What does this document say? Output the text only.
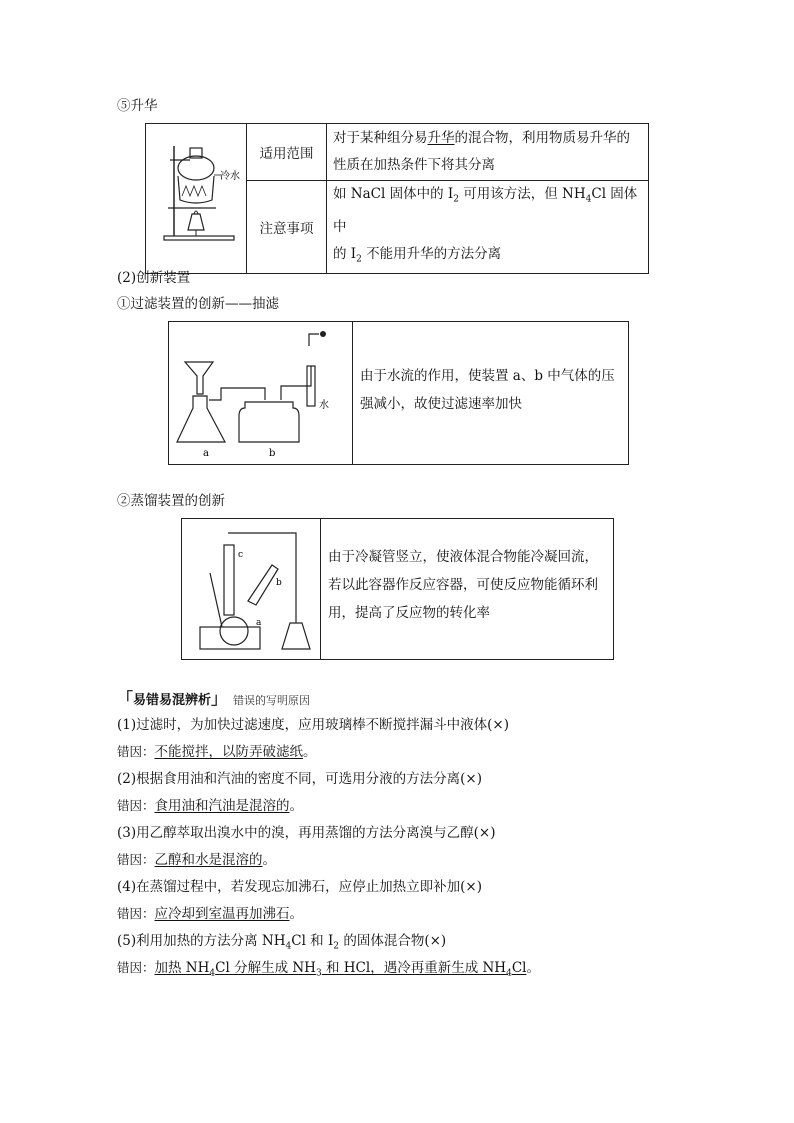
⑤升华
冷水	适用范围	对于某种组分易升华的混合物，利用物质易升华的
性质在加热条件下将其分离

	注意事项	如 NaCl 固体中的 $I_2$ 可用该方法，但 $NH_4Cl$ 固体中
的 $I_2$ 不能用升华的方法分离
(2)创新装置
①过滤装置的创新——抽滤
a	b
水
由于水流的作用，使装置 a、b 中气体的压
强减小，故使过滤速率加快
②蒸馏装置的创新
c
b
a
由于冷凝管竖立，使液体混合物能冷凝回流，
若以此容器作反应容器，可使反应物能循环利
用，提高了反应物的转化率
「易错易混辨析」 错误的写明原因
(1)过滤时，为加快过滤速度，应用玻璃棒不断搅拌漏斗中液体(×)
错因：不能搅拌，以防弄破滤纸。
(2)根据食用油和汽油的密度不同，可选用分液的方法分离(×)
错因：食用油和汽油是混溶的。
(3)用乙醇萃取出溴水中的溴，再用蒸馏的方法分离溴与乙醇(×)
错因：乙醇和水是混溶的。
(4)在蒸馏过程中，若发现忘加沸石，应停止加热立即补加(×)
错因：应冷却到室温再加沸石。
(5)利用加热的方法分离 $NH_4Cl$ 和 $I_2$ 的固体混合物(×)
错因：加热 $NH_4Cl$ 分解生成 $NH_3$ 和 HCl，遇冷再重新生成 $NH_4Cl$。
